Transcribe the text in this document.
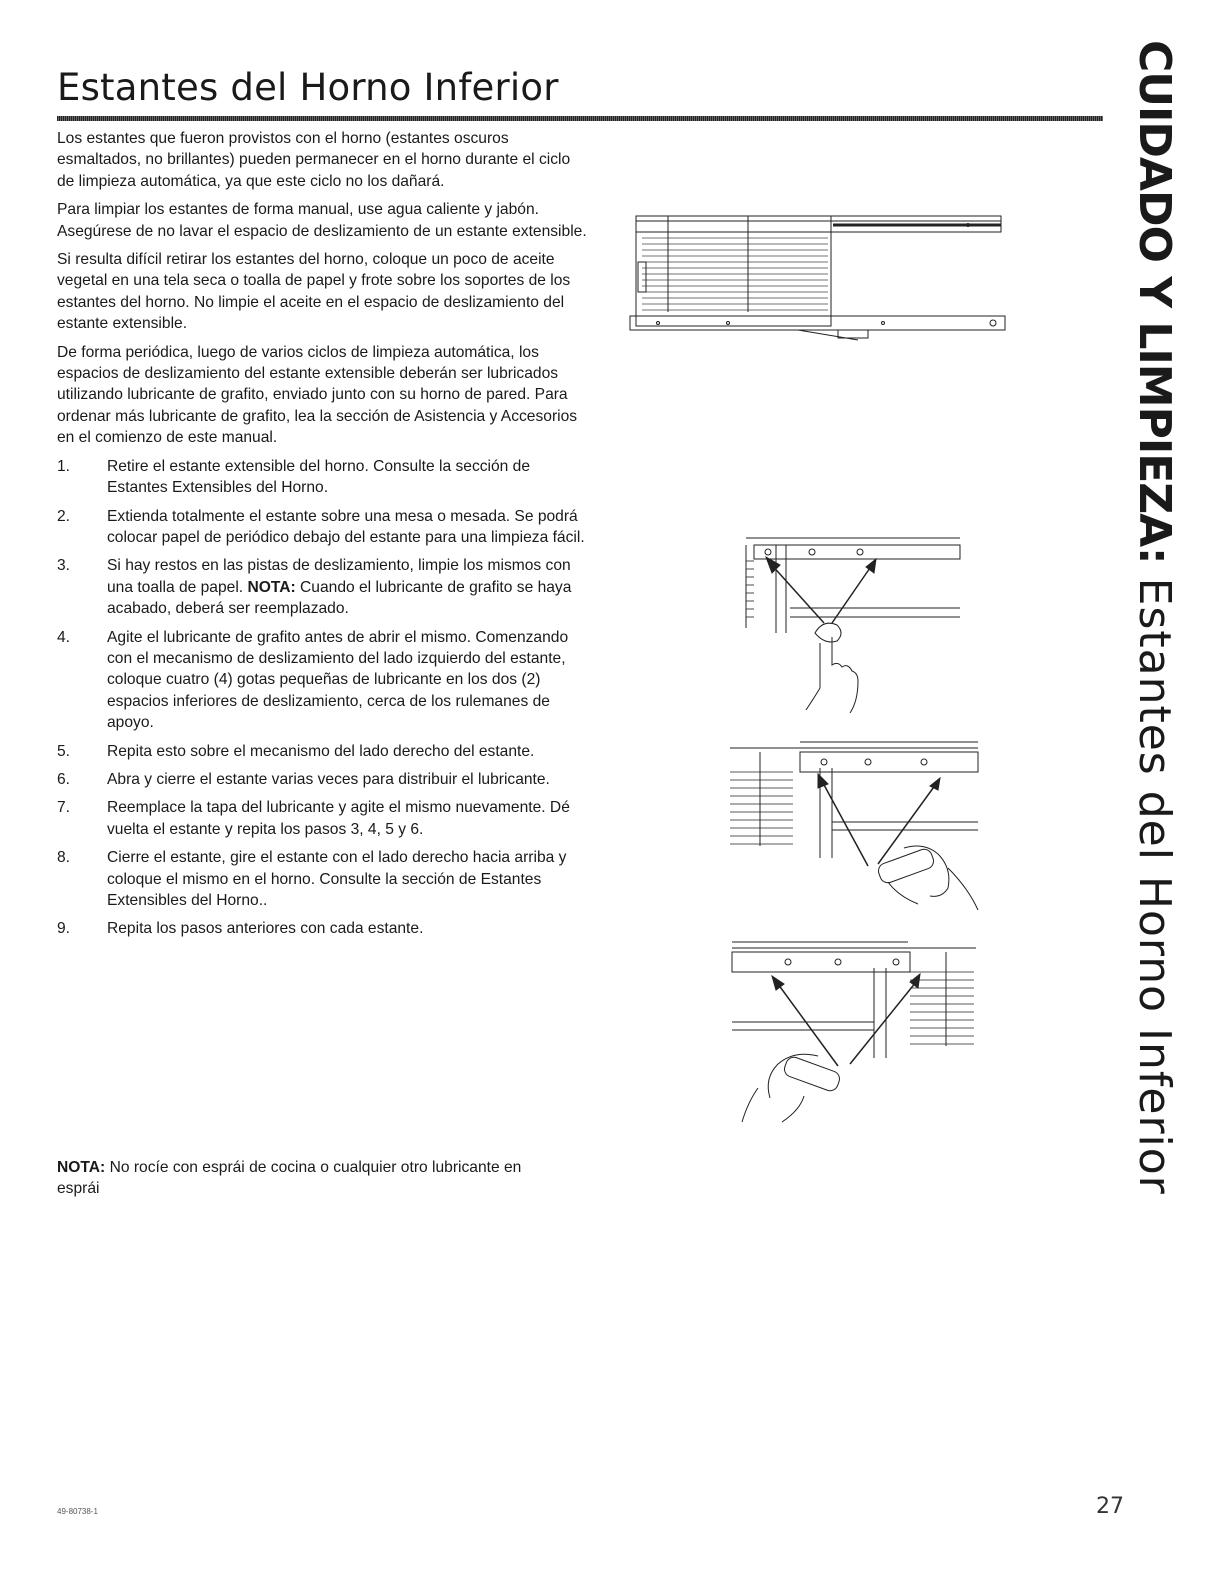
Estantes del Horno Inferior

Los estantes que fueron provistos con el horno (estantes oscuros esmaltados, no brillantes) pueden permanecer en el horno durante el ciclo de limpieza automática, ya que este ciclo no los dañará.

Para limpiar los estantes de forma manual, use agua caliente y jabón. Asegúrese de no lavar el espacio de deslizamiento de un estante extensible.

Si resulta difícil retirar los estantes del horno, coloque un poco de aceite vegetal en una tela seca o toalla de papel y frote sobre los soportes de los estantes del horno. No limpie el aceite en el espacio de deslizamiento del estante extensible.

De forma periódica, luego de varios ciclos de limpieza automática, los espacios de deslizamiento del estante extensible deberán ser lubricados utilizando lubricante de grafito, enviado junto con su horno de pared. Para ordenar más lubricante de grafito, lea la sección de Asistencia y Accesorios en el comienzo de este manual.

1. Retire el estante extensible del horno. Consulte la sección de Estantes Extensibles del Horno.
2. Extienda totalmente el estante sobre una mesa o mesada. Se podrá colocar papel de periódico debajo del estante para una limpieza fácil.
3. Si hay restos en las pistas de deslizamiento, limpie los mismos con una toalla de papel. NOTA: Cuando el lubricante de grafito se haya acabado, deberá ser reemplazado.
4. Agite el lubricante de grafito antes de abrir el mismo. Comenzando con el mecanismo de deslizamiento del lado izquierdo del estante, coloque cuatro (4) gotas pequeñas de lubricante en los dos (2) espacios inferiores de deslizamiento, cerca de los rulemanes de apoyo.
5. Repita esto sobre el mecanismo del lado derecho del estante.
6. Abra y cierre el estante varias veces para distribuir el lubricante.
7. Reemplace la tapa del lubricante y agite el mismo nuevamente. Dé vuelta el estante y repita los pasos 3, 4, 5 y 6.
8. Cierre el estante, gire el estante con el lado derecho hacia arriba y coloque el mismo en el horno. Consulte la sección de Estantes Extensibles del Horno..
9. Repita los pasos anteriores con cada estante.

NOTA: No rocíe con esprái de cocina o cualquier otro lubricante en esprái

CUIDADO Y LIMPIEZA: Estantes del Horno Inferior
49-80738-1	27
